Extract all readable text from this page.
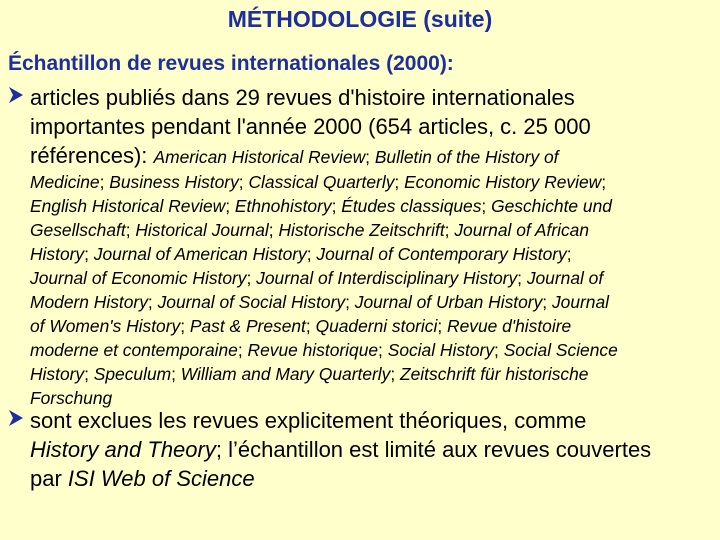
MÉTHODOLOGIE (suite)
Échantillon de revues internationales (2000):
articles publiés dans 29 revues d'histoire internationales
importantes pendant l'année 2000 (654 articles, c. 25 000
références): American Historical Review; Bulletin of the History of
Medicine; Business History; Classical Quarterly; Economic History Review;
English Historical Review; Ethnohistory; Études classiques; Geschichte und
Gesellschaft; Historical Journal; Historische Zeitschrift; Journal of African
History; Journal of American History; Journal of Contemporary History;
Journal of Economic History; Journal of Interdisciplinary History; Journal of
Modern History; Journal of Social History; Journal of Urban History; Journal
of Women's History; Past & Present; Quaderni storici; Revue d'histoire
moderne et contemporaine; Revue historique; Social History; Social Science
History; Speculum; William and Mary Quarterly; Zeitschrift für historische
Forschung
sont exclues les revues explicitement théoriques, comme
History and Theory; l’échantillon est limité aux revues couvertes
par ISI Web of Science
